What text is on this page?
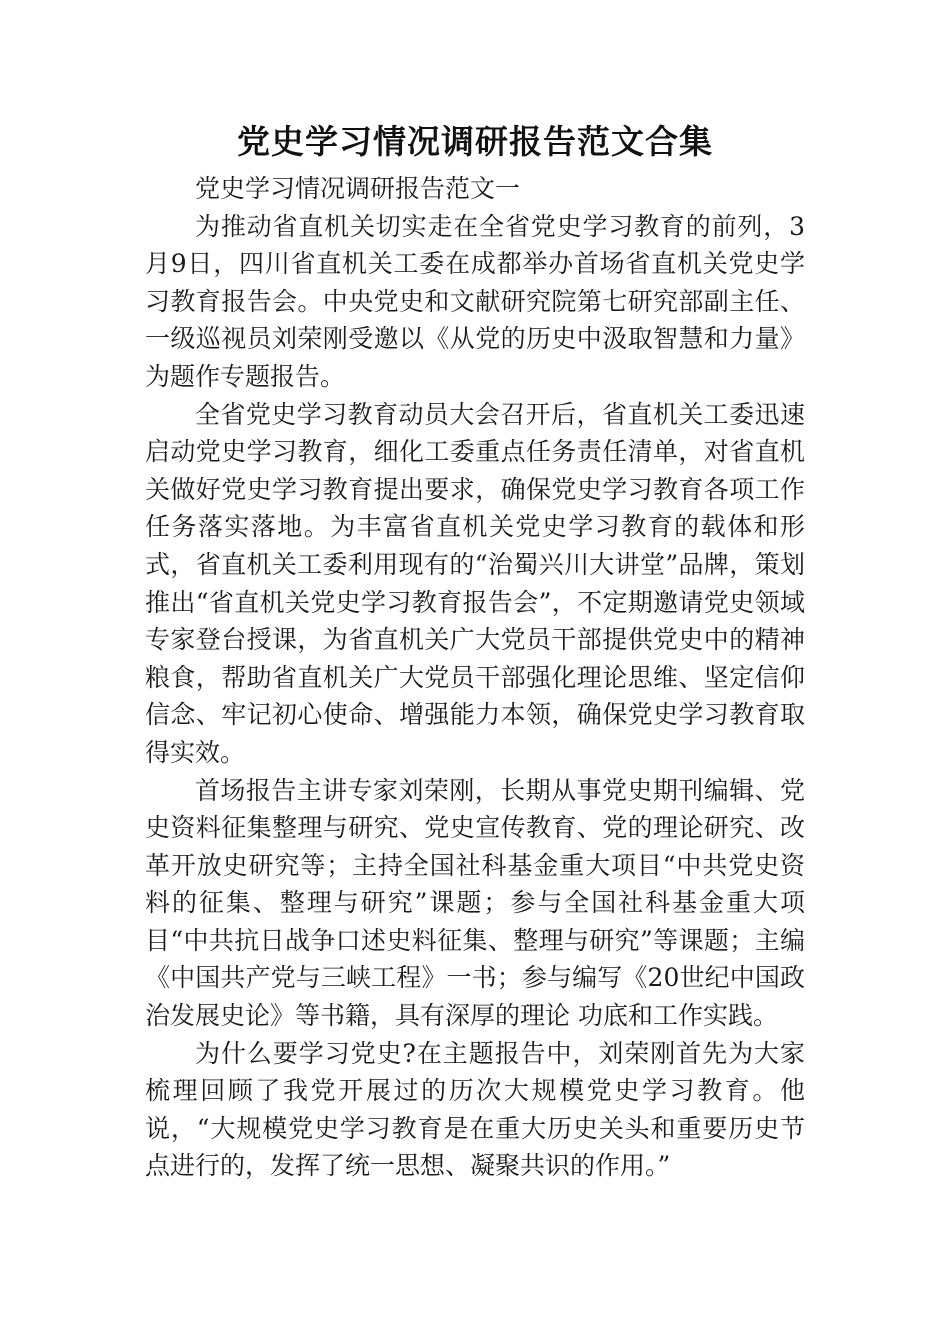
党史学习情况调研报告范文合集

党史学习情况调研报告范文一

为推动省直机关切实走在全省党史学习教育的前列，3月9日，四川省直机关工委在成都举办首场省直机关党史学习教育报告会。中央党史和文献研究院第七研究部副主任、一级巡视员刘荣刚受邀以《从党的历史中汲取智慧和力量》为题作专题报告。

全省党史学习教育动员大会召开后，省直机关工委迅速启动党史学习教育，细化工委重点任务责任清单，对省直机关做好党史学习教育提出要求，确保党史学习教育各项工作任务落实落地。为丰富省直机关党史学习教育的载体和形式，省直机关工委利用现有的“治蜀兴川大讲堂”品牌，策划推出“省直机关党史学习教育报告会”，不定期邀请党史领域专家登台授课，为省直机关广大党员干部提供党史中的精神粮食，帮助省直机关广大党员干部强化理论思维、坚定信仰信念、牢记初心使命、增强能力本领，确保党史学习教育取得实效。

首场报告主讲专家刘荣刚，长期从事党史期刊编辑、党史资料征集整理与研究、党史宣传教育、党的理论研究、改革开放史研究等；主持全国社科基金重大项目“中共党史资料的征集、整理与研究”课题；参与全国社科基金重大项目“中共抗日战争口述史料征集、整理与研究”等课题；主编《中国共产党与三峡工程》一书；参与编写《20世纪中国政治发展史论》等书籍，具有深厚的理论 功底和工作实践。

为什么要学习党史?在主题报告中，刘荣刚首先为大家梳理回顾了我党开展过的历次大规模党史学习教育。他说，“大规模党史学习教育是在重大历史关头和重要历史节点进行的，发挥了统一思想、凝聚共识的作用。”
